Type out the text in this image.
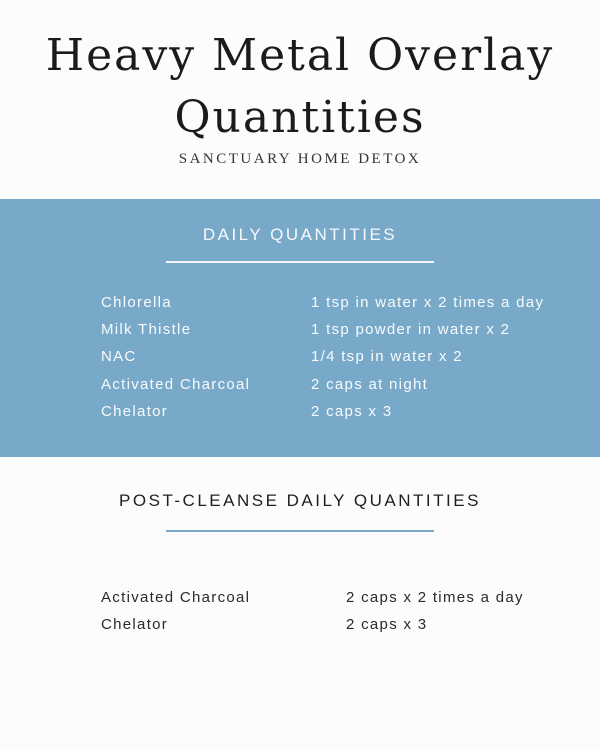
Heavy Metal Overlay
Quantities
SANCTUARY HOME DETOX
DAILY QUANTITIES
Chlorella	1 tsp in water x 2 times a day
Milk Thistle	1 tsp powder in water x 2
NAC	1/4 tsp in water x 2
Activated Charcoal	2 caps at night
Chelator	2 caps x 3
POST-CLEANSE DAILY QUANTITIES
Activated Charcoal	2 caps x 2 times a day
Chelator	2 caps x 3
